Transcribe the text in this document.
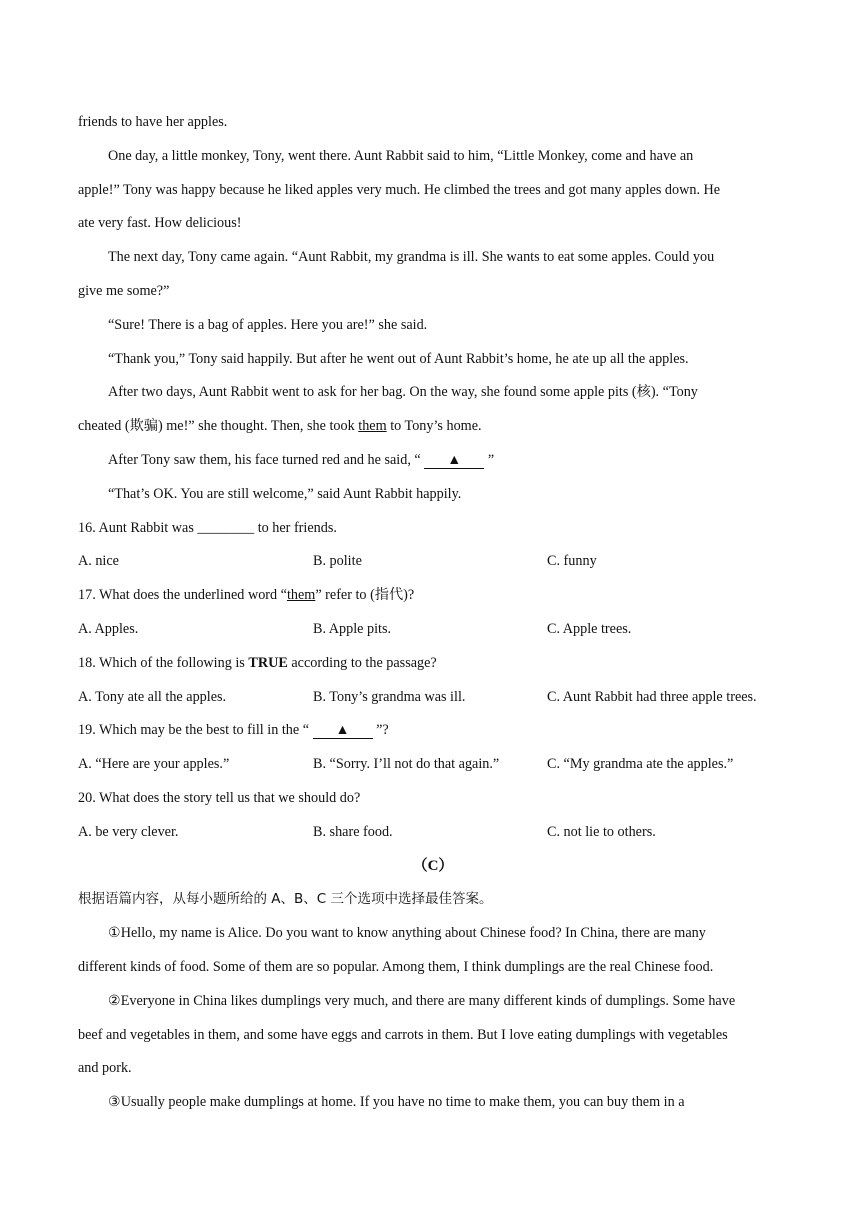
friends to have her apples.
One day, a little monkey, Tony, went there. Aunt Rabbit said to him, “Little Monkey, come and have an
apple!” Tony was happy because he liked apples very much. He climbed the trees and got many apples down. He
ate very fast. How delicious!
The next day, Tony came again. “Aunt Rabbit, my grandma is ill. She wants to eat some apples. Could you
give me some?”
“Sure! There is a bag of apples. Here you are!” she said.
“Thank you,” Tony said happily. But after he went out of Aunt Rabbit’s home, he ate up all the apples.
After two days, Aunt Rabbit went to ask for her bag. On the way, she found some apple pits (核). “Tony
cheated (欺骗) me!” she thought. Then, she took them to Tony’s home.
After Tony saw them, his face turned red and he said, “ ▲ ”
“That’s OK. You are still welcome,” said Aunt Rabbit happily.
16. Aunt Rabbit was ________ to her friends.
A. nice	B. polite	C. funny
17. What does the underlined word “them” refer to (指代)?
A. Apples.	B. Apple pits.	C. Apple trees.
18. Which of the following is TRUE according to the passage?
A. Tony ate all the apples.	B. Tony’s grandma was ill.	C. Aunt Rabbit had three apple trees.
19. Which may be the best to fill in the “ ▲ ”?
A. “Here are your apples.”	B. “Sorry. I’ll not do that again.”	C. “My grandma ate the apples.”
20. What does the story tell us that we should do?
A. be very clever.	B. share food.	C. not lie to others.
（C）
根据语篇内容，从每小题所给的 A、B、C 三个选项中选择最佳答案。
①Hello, my name is Alice. Do you want to know anything about Chinese food? In China, there are many
different kinds of food. Some of them are so popular. Among them, I think dumplings are the real Chinese food.
②Everyone in China likes dumplings very much, and there are many different kinds of dumplings. Some have
beef and vegetables in them, and some have eggs and carrots in them. But I love eating dumplings with vegetables
and pork.
③Usually people make dumplings at home. If you have no time to make them, you can buy them in a
